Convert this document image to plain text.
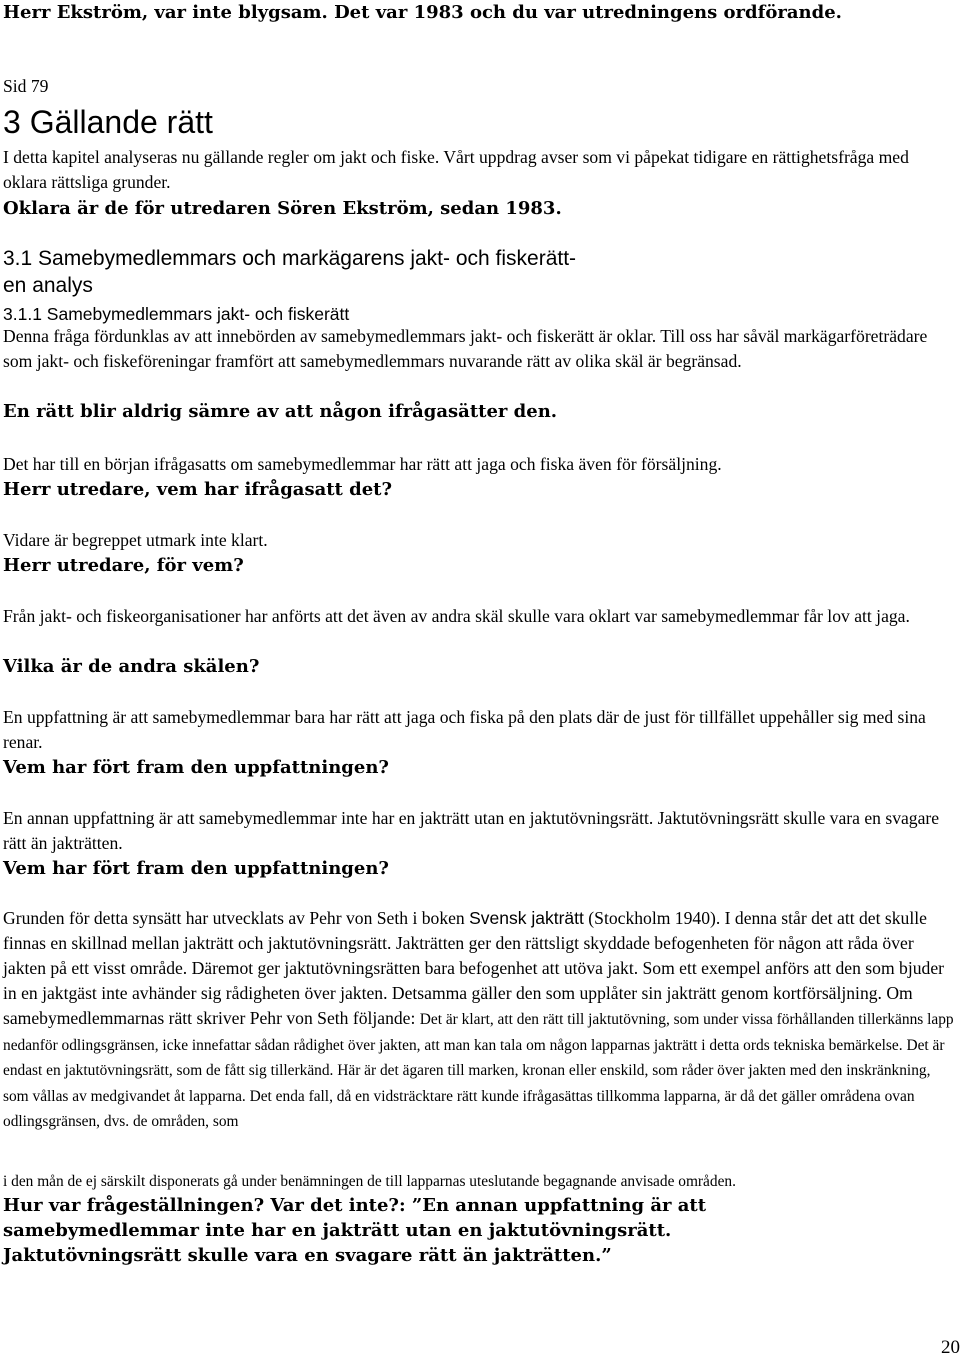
Herr Ekström, var inte blygsam. Det var 1983 och du var utredningens ordförande.

Sid 79

3 Gällande rätt

I detta kapitel analyseras nu gällande regler om jakt och fiske. Vårt uppdrag avser som vi påpekat tidigare en rättighetsfråga med oklara rättsliga grunder.

Oklara är de för utredaren Sören Ekström, sedan 1983.

3.1 Samebymedlemmars och markägarens jakt- och fiskerätt- en analys

3.1.1 Samebymedlemmars jakt- och fiskerätt

Denna fråga fördunklas av att innebörden av samebymedlemmars jakt- och fiskerätt är oklar. Till oss har såväl markägarföreträdare som jakt- och fiskeföreningar framfört att samebymedlemmars nuvarande rätt av olika skäl är begränsad.

En rätt blir aldrig sämre av att någon ifrågasätter den.

Det har till en början ifrågasatts om samebymedlemmar har rätt att jaga och fiska även för försäljning.

Herr utredare, vem har ifrågasatt det?

Vidare är begreppet utmark inte klart.

Herr utredare, för vem?

Från jakt- och fiskeorganisationer har anförts att det även av andra skäl skulle vara oklart var samebymedlemmar får lov att jaga.

Vilka är de andra skälen?

En uppfattning är att samebymedlemmar bara har rätt att jaga och fiska på den plats där de just för tillfället uppehåller sig med sina renar.

Vem har fört fram den uppfattningen?

En annan uppfattning är att samebymedlemmar inte har en jakträtt utan en jaktutövningsrätt. Jaktutövningsrätt skulle vara en svagare rätt än jakträtten.

Vem har fört fram den uppfattningen?

Grunden för detta synsätt har utvecklats av Pehr von Seth i boken Svensk jakträtt (Stockholm 1940). I denna står det att det skulle finnas en skillnad mellan jakträtt och jaktutövningsrätt. Jakträtten ger den rättsligt skyddade befogenheten för någon att råda över jakten på ett visst område. Däremot ger jaktutövningsrätten bara befogenhet att utöva jakt. Som ett exempel anförs att den som bjuder in en jaktgäst inte avhänder sig rådigheten över jakten. Detsamma gäller den som upplåter sin jakträtt genom kortförsäljning. Om samebymedlemmarnas rätt skriver Pehr von Seth följande: Det är klart, att den rätt till jaktutövning, som under vissa förhållanden tillerkänns lapp nedanför odlingsgränsen, icke innefattar sådan rådighet över jakten, att man kan tala om någon lapparnas jakträtt i detta ords tekniska bemärkelse. Det är endast en jaktutövningsrätt, som de fått sig tillerkänd. Här är det ägaren till marken, kronan eller enskild, som råder över jakten med den inskränkning, som vållas av medgivandet åt lapparna. Det enda fall, då en vidsträcktare rätt kunde ifrågasättas tillkomma lapparna, är då det gäller områdena ovan odlingsgränsen, dvs. de områden, som

i den mån de ej särskilt disponerats gå under benämningen de till lapparnas uteslutande begagnande anvisade områden.

Hur var frågeställningen? Var det inte?: ”En annan uppfattning är att samebymedlemmar inte har en jakträtt utan en jaktutövningsrätt. Jaktutövningsrätt skulle vara en svagare rätt än jakträtten.”

20
